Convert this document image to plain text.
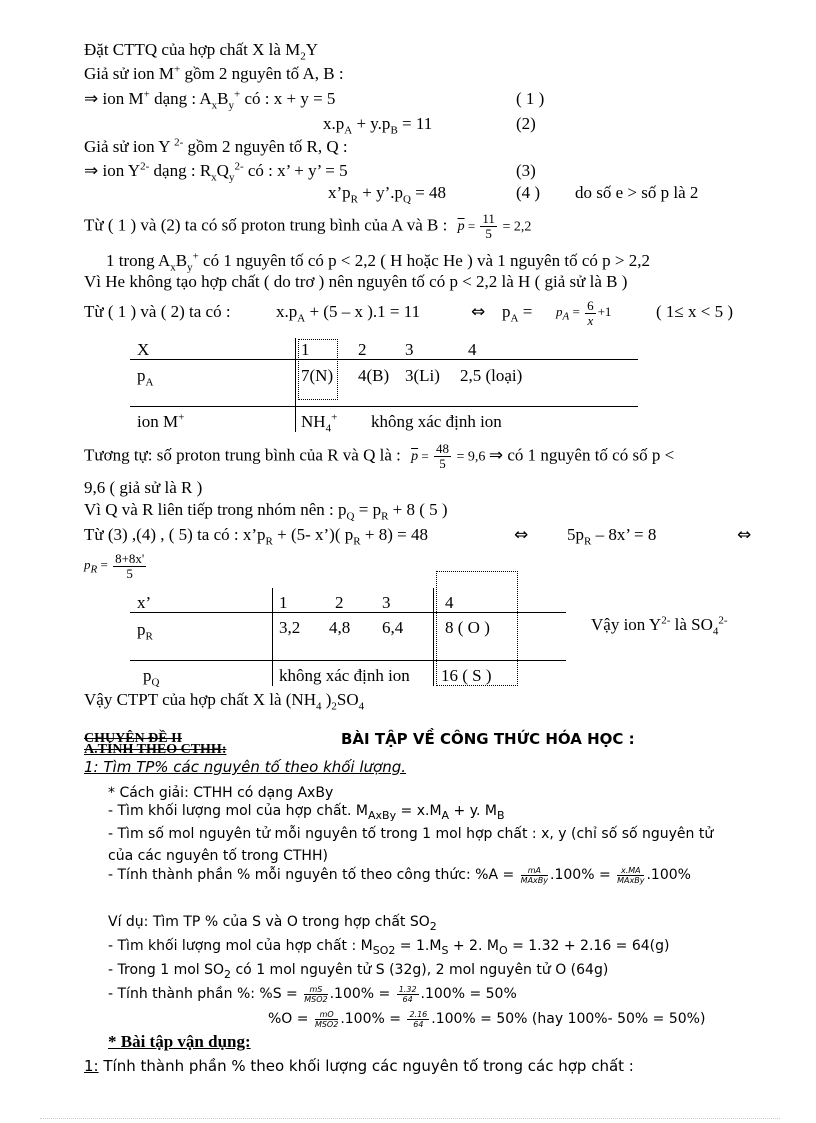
Đặt CTTQ của hợp chất X là $M_2Y$
Giả sử ion M+ gồm 2 nguyên tố A, B :
⇒ ion M+ dạng : $A_xB_y^+$ có : x + y = 5	( 1 )
$x.p_A + y.p_B = 11$	(2)
Giả sử ion Y $^{2-}$ gồm 2 nguyên tố R, Q :
⇒ ion $Y^{2-}$ dạng : $R_xQ_y^{2-}$ có : x’ + y’ = 5	(3)
$x’p_R$ + $y’.p_Q = 48$	(4 ) do số e > số p là 2
Từ ( 1 ) và (2) ta có số proton trung bình của A và B : $\overline{p} = \frac{11}{5} = 2,2$
1 trong $A_xB_y^+$ có 1 nguyên tố có p < 2,2 ( H hoặc He ) và 1 nguyên tố có p > 2,2
Vì He không tạo hợp chất ( do trơ ) nên nguyên tố có p < 2,2 là H ( giả sử là B )
Từ ( 1 ) và ( 2) ta có :	$x.p_A + (5 - x$ ).1 = 11	⇔ $p_A = p_A = \frac{6}{x} +1$	( 1≤ x < 5 )
X	1	2 3	4
$p_A$	7(N) 4(B) 3(Li) 2,5 (loại)
ion M+	$NH_4^+$ không xác định ion
Tương tự: số proton trung bình của R và Q là : $\overline{p} = \frac{48}{5} = 9,6$ ⇒ có 1 nguyên tố có số p <
9,6 ( giả sử là R )
Vì Q và R liên tiếp trong nhóm nên : $p_Q = p_R + 8$ ( 5 )
Từ (3) ,(4) , ( 5) ta có : $x’p_R + (5-$ x’)( $p_R + 8) = 48$	⇔ $5p_R - 8x$’ = 8	⇔
$p_R = \frac{8+8x'}{5}$
x’	1	2 3	4
$p_R$	3,2 4,8 6,4 8 ( O )
$p_Q$	không xác định ion 16 ( S )
Vậy ion $Y^{2-}$ là $SO_4^{2-}$
Vậy CTPT của hợp chất X là ($NH_4$ )$_2SO_4$
CHUYÊN ĐỀ II	BÀI TẬP VỀ CÔNG THỨC HÓA HỌC :
A.TÍNH THEO CTHH:
1: Tìm TP% các nguyên tố theo khối lượng.
* Cách giải: CTHH có dạng AxBy
- Tìm khối lượng mol của hợp chất. $M_{AxBy} = x.M_A + y$. $M_B$
- Tìm số mol nguyên tử mỗi nguyên tố trong 1 mol hợp chất : x, y (chỉ số số nguyên tử
của các nguyên tố trong CTHH)
- Tính thành phần % mỗi nguyên tố theo công thức: $\%A = \frac{mA}{\text{MAxBy}} .100\% = \frac{x.MA}{\text{MAxBy}} .100\%$
Ví dụ: Tìm TP % của S và O trong hợp chất $SO_2$
- Tìm khối lượng mol của hợp chất : $M_{SO2} = 1.M_S + 2$. $M_O = 1.32 + 2.16 = 64(g)$
- Trong 1 mol $SO_2$ có 1 mol nguyên tử S (32g), 2 mol nguyên tử O (64g)
- Tính thành phần %: $\%S = \frac{mS}{\text{MSO2}} .100\% = \frac{1.32}{64} .100\% = 50\%$
$\%O = \frac{mO}{\text{MSO2}} .100\% = \frac{2.16}{64} .100\% = 50\%$ (hay 100%- 50% = 50%)
* Bài tập vận dụng:
1: Tính thành phần % theo khối lượng các nguyên tố trong các hợp chất :
